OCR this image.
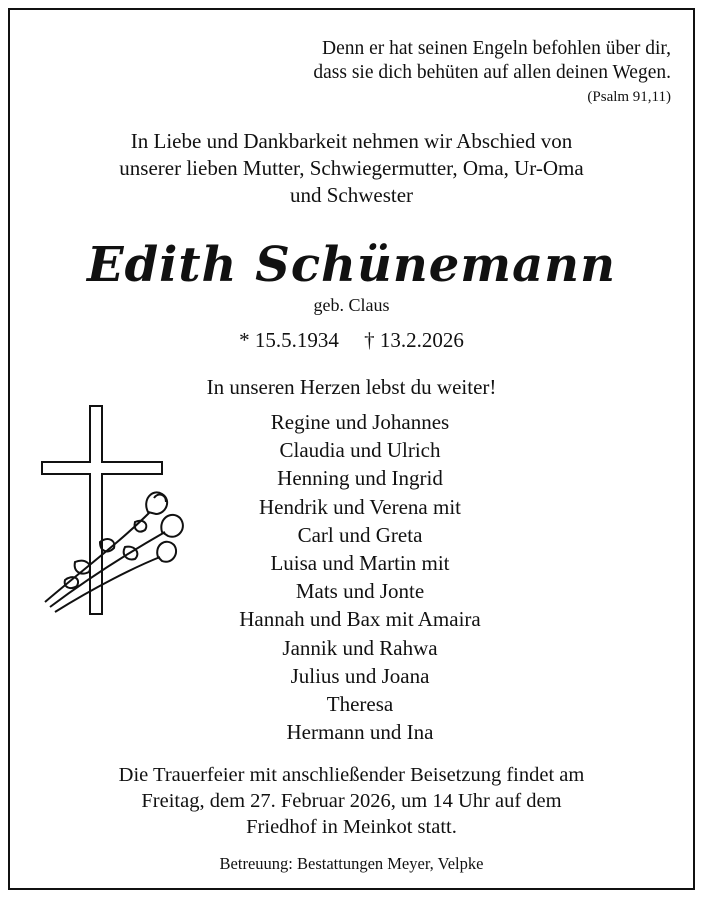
Denn er hat seinen Engeln befohlen über dir,
dass sie dich behüten auf allen deinen Wegen.
(Psalm 91,11)
In Liebe und Dankbarkeit nehmen wir Abschied von
unserer lieben Mutter, Schwiegermutter, Oma, Ur-Oma
und Schwester
Edith Schünemann
geb. Claus
* 15.5.1934 † 13.2.2026
In unseren Herzen lebst du weiter!
Regine und Johannes
Claudia und Ulrich
Henning und Ingrid
Hendrik und Verena mit
Carl und Greta
Luisa und Martin mit
Mats und Jonte
Hannah und Bax mit Amaira
Jannik und Rahwa
Julius und Joana
Theresa
Hermann und Ina
Die Trauerfeier mit anschließender Beisetzung findet am
Freitag, dem 27. Februar 2026, um 14 Uhr auf dem
Friedhof in Meinkot statt.
Betreuung: Bestattungen Meyer, Velpke
